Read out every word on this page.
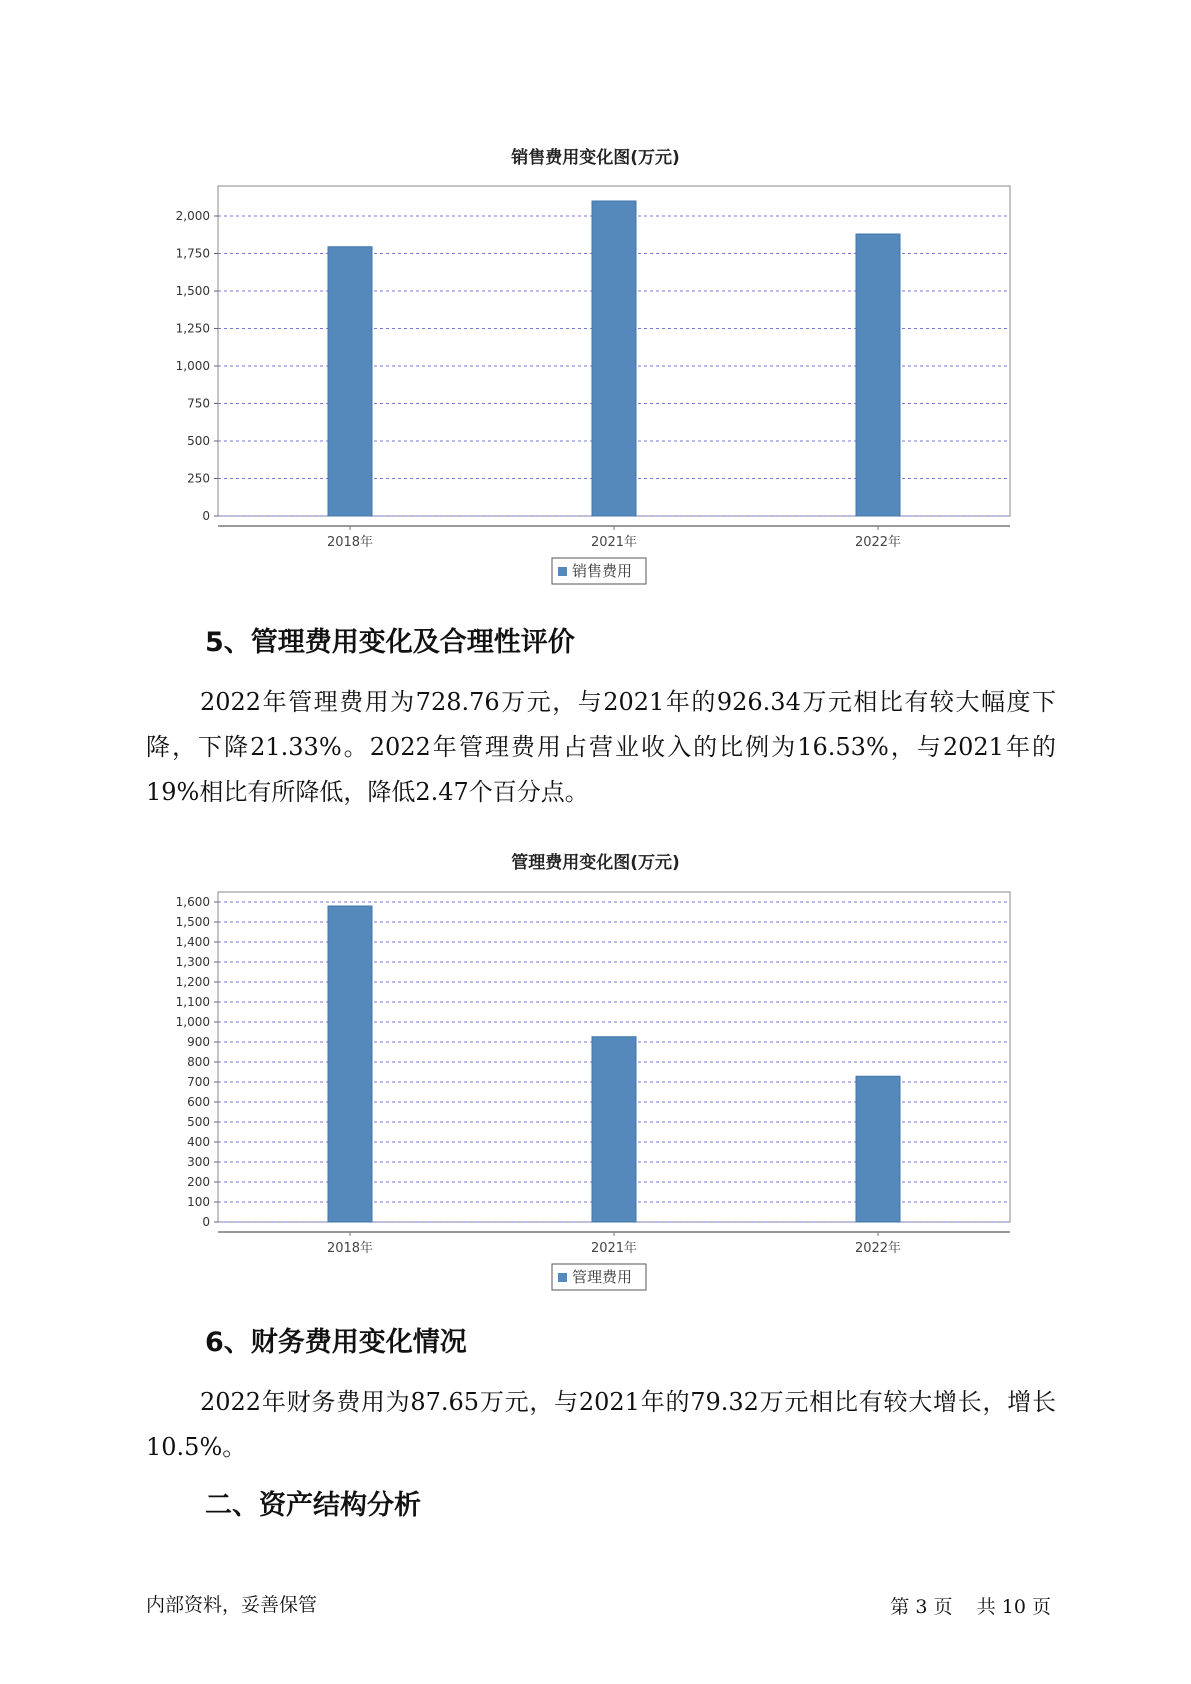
销售费用变化图(万元)
0
250
500
750
1,000
1,250
1,500
1,750
2,000
2018年	2021年	2022年
销售费用
5、管理费用变化及合理性评价

2022年管理费用为728.76万元，与2021年的926.34万元相比有较大幅度下降，下降21.33%。2022年管理费用占营业收入的比例为16.53%，与2021年的19%相比有所降低，降低2.47个百分点。

管理费用变化图(万元)
0
100
200
300
400
500
600
700
800
900
1,000
1,100
1,200
1,300
1,400
1,500
1,600
2018年	2021年	2022年
管理费用
6、财务费用变化情况

2022年财务费用为87.65万元，与2021年的79.32万元相比有较大增长，增长10.5%。

二、资产结构分析
内部资料，妥善保管	第 3 页 共 10 页
